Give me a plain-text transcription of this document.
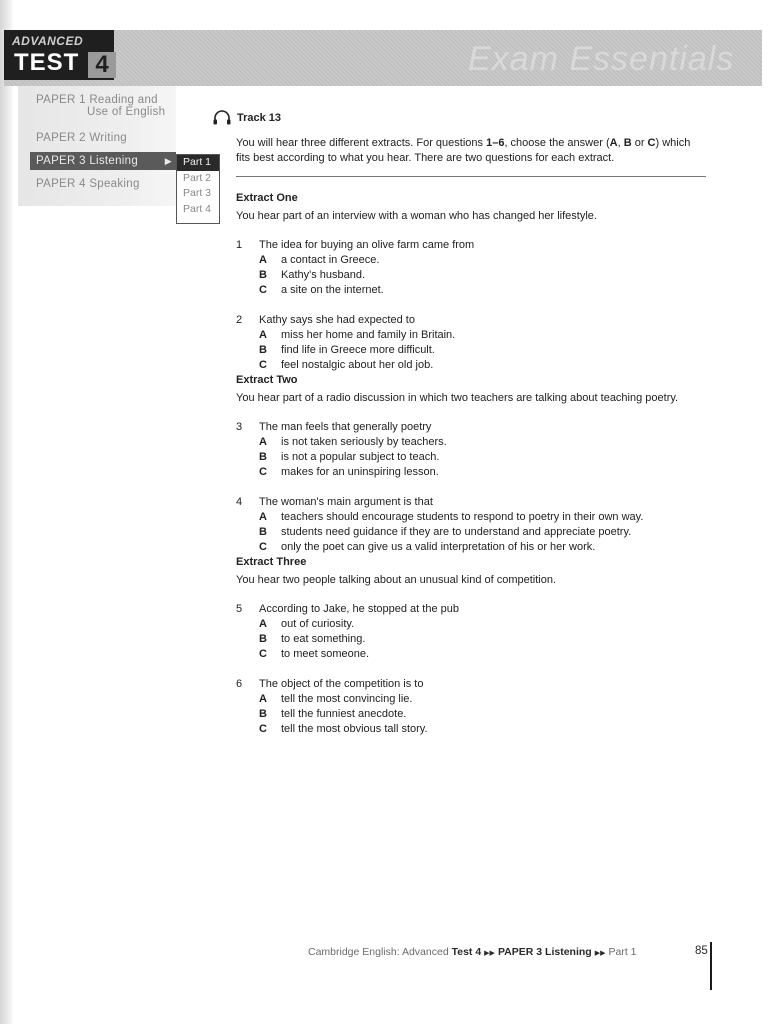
Exam Essentials
ADVANCED
TEST 4
PAPER 1 Reading and
Use of English
PAPER 2 Writing
PAPER 3 Listening	▶
PAPER 4 Speaking
Part 1
Part 2
Part 3
Part 4
Track 13

You will hear three different extracts. For questions 1–6, choose the answer (A, B or C) which fits best according to what you hear. There are two questions for each extract.

Extract One
You hear part of an interview with a woman who has changed her lifestyle.
1	The idea for buying an olive farm came from
A	a contact in Greece.
B	Kathy's husband.
C	a site on the internet.
2	Kathy says she had expected to
A	miss her home and family in Britain.
B	find life in Greece more difficult.
C	feel nostalgic about her old job.
Extract Two
You hear part of a radio discussion in which two teachers are talking about teaching poetry.
3	The man feels that generally poetry
A	is not taken seriously by teachers.
B	is not a popular subject to teach.
C	makes for an uninspiring lesson.
4	The woman's main argument is that
A	teachers should encourage students to respond to poetry in their own way.
B	students need guidance if they are to understand and appreciate poetry.
C	only the poet can give us a valid interpretation of his or her work.
Extract Three
You hear two people talking about an unusual kind of competition.
5	According to Jake, he stopped at the pub
A	out of curiosity.
B	to eat something.
C	to meet someone.
6	The object of the competition is to
A	tell the most convincing lie.
B	tell the funniest anecdote.
C	tell the most obvious tall story.
Cambridge English: Advanced Test 4 ▶▶ PAPER 3 Listening ▶▶ Part 1	85
